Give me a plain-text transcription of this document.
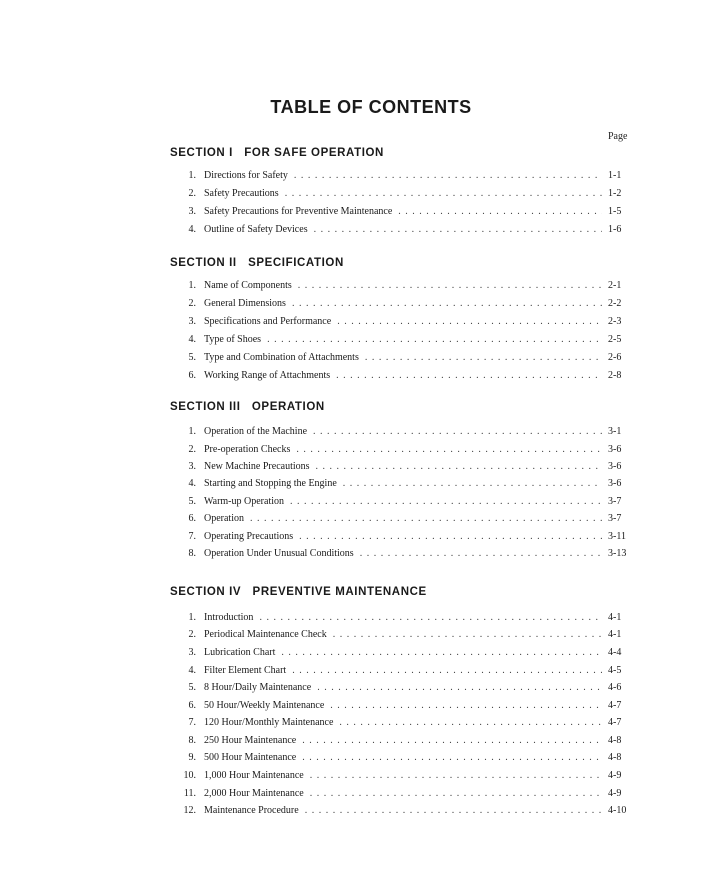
TABLE OF CONTENTS
Page
SECTION I   FOR SAFE OPERATION
1. Directions for Safety . . .	1-1
2. Safety Precautions . . .	1-2
3. Safety Precautions for Preventive Maintenance . . .	1-5
4. Outline of Safety Devices . . .	1-6
SECTION II   SPECIFICATION
1. Name of Components . . .	2-1
2. General Dimensions . . .	2-2
3. Specifications and Performance . . .	2-3
4. Type of Shoes . . .	2-5
5. Type and Combination of Attachments . . .	2-6
6. Working Range of Attachments . . .	2-8
SECTION III   OPERATION
1. Operation of the Machine . . .	3-1
2. Pre-operation Checks . . .	3-6
3. New Machine Precautions . . .	3-6
4. Starting and Stopping the Engine . . .	3-6
5. Warm-up Operation . . .	3-7
6. Operation . . .	3-7
7. Operating Precautions . . .	3-11
8. Operation Under Unusual Conditions . . .	3-13
SECTION IV   PREVENTIVE MAINTENANCE
1. Introduction . . .	4-1
2. Periodical Maintenance Check . . .	4-1
3. Lubrication Chart . . .	4-4
4. Filter Element Chart . . .	4-5
5. 8 Hour/Daily Maintenance . . .	4-6
6. 50 Hour/Weekly Maintenance . . .	4-7
7. 120 Hour/Monthly Maintenance . . .	4-7
8. 250 Hour Maintenance . . .	4-8
9. 500 Hour Maintenance . . .	4-8
10. 1,000 Hour Maintenance . . .	4-9
11. 2,000 Hour Maintenance . . .	4-9
12. Maintenance Procedure . . .	4-10
